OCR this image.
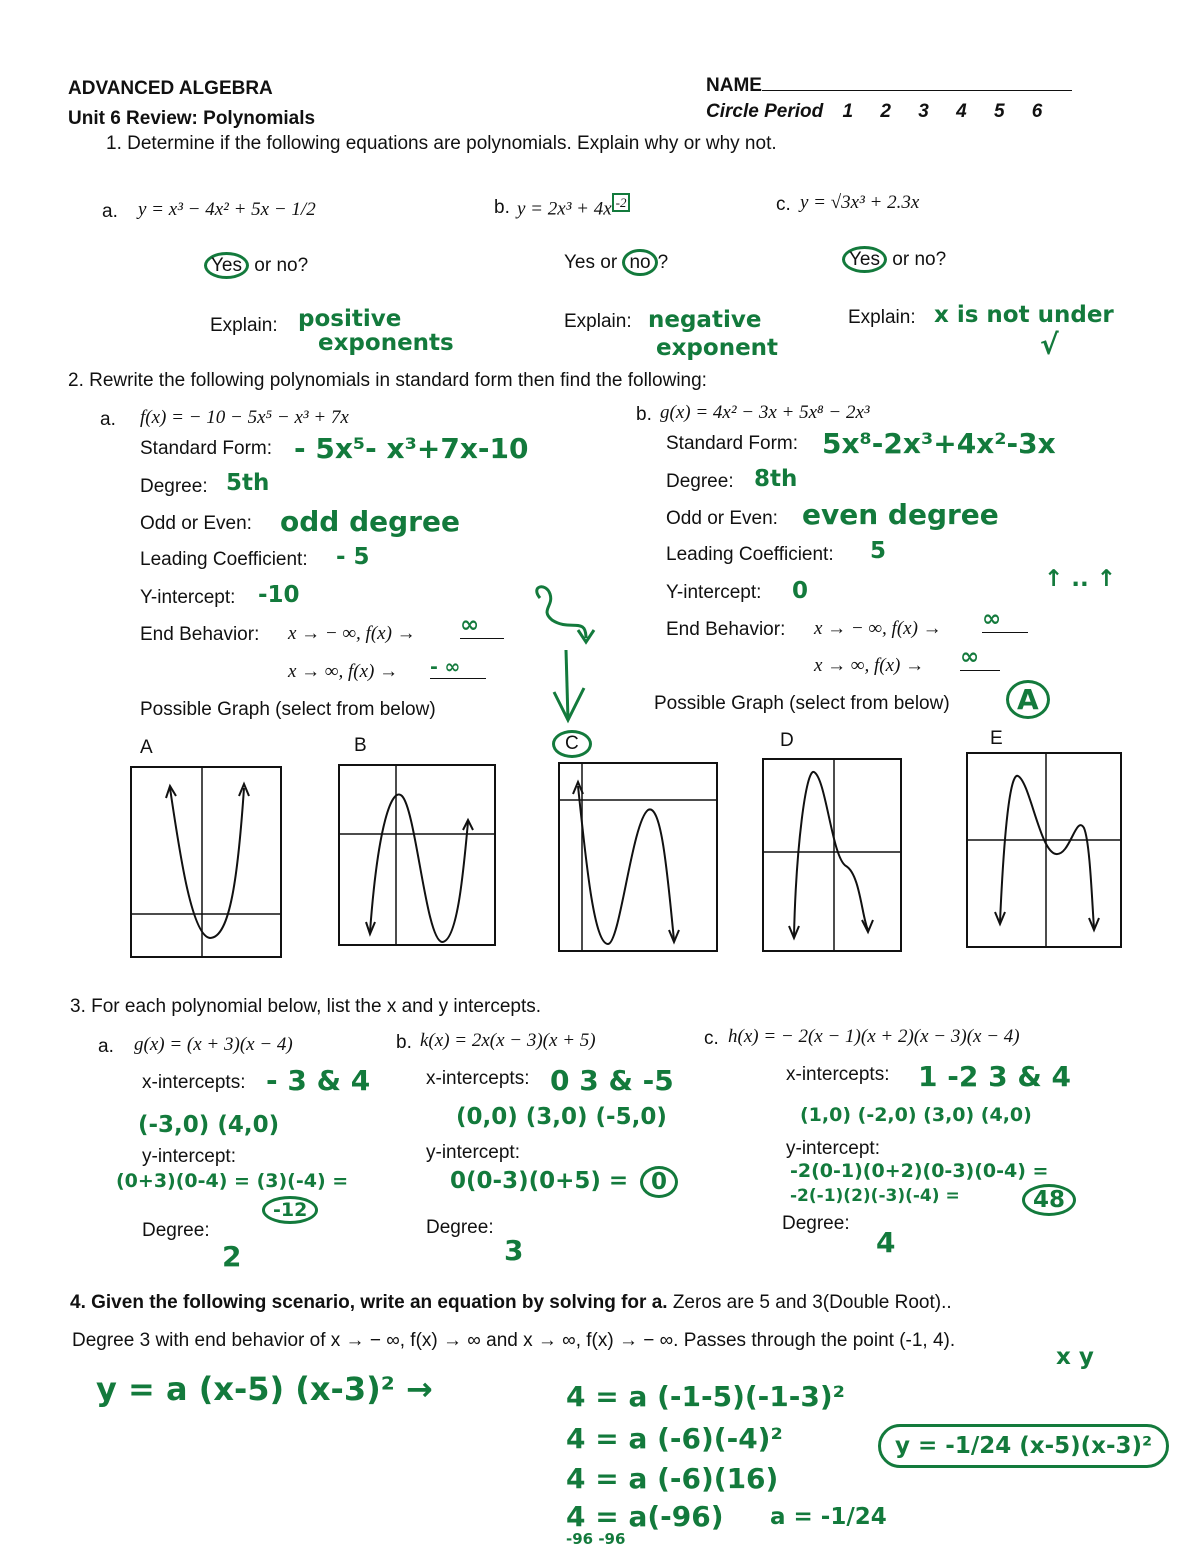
ADVANCED ALGEBRA
Unit 6 Review: Polynomials
NAME
Circle Period 1 2 3 4 5 6
1. Determine if the following equations are polynomials. Explain why or why not.
a. y = x³ − 4x² + 5x − 1/2	b. y = 2x³ + 4x $^{-2}$	c. y = √3x³ + 2.3x
Yes or no?	Yes or no ?	Yes or no?
Explain: positive
exponents
Explain: negative
exponent
Explain: x is not under
√
2. Rewrite the following polynomials in standard form then find the following:
a. f(x) = − 10 − 5x⁵ − x³ + 7x
Standard Form: - 5x⁵- x³+7x-10
Degree: 5th
Odd or Even: odd degree
Leading Coefficient: - 5
Y-intercept: -10
End Behavior: x → − ∞, f(x) → ∞
x → ∞, f(x) → - ∞
Possible Graph (select from below)
b. g(x) = 4x² − 3x + 5x⁸ − 2x³
Standard Form: 5x⁸-2x³+4x²-3x
Degree: 8th
Odd or Even: even degree
Leading Coefficient: 5
Y-intercept: 0	↑ .. ↑
End Behavior: x → − ∞, f(x) → ∞
x → ∞, f(x) → ∞
Possible Graph (select from below)	A
A	B	C	D	E
3. For each polynomial below, list the x and y intercepts.
a. g(x) = (x + 3)(x − 4)	b. k(x) = 2x(x − 3)(x + 5)	c. h(x) = − 2(x − 1)(x + 2)(x − 3)(x − 4)
x-intercepts: - 3 & 4
(-3,0) (4,0)
y-intercept:
(0+3)(0-4) = (3)(-4) =
-12
Degree:
2
x-intercepts: 0 3 & -5
(0,0) (3,0) (-5,0)
y-intercept:
0(0-3)(0+5) = 0
Degree:
3
x-intercepts: 1 -2 3 & 4
(1,0) (-2,0) (3,0) (4,0)
y-intercept:
-2(0-1)(0+2)(0-3)(0-4) =
-2(-1)(2)(-3)(-4) =	48
Degree:
4
4. Given the following scenario, write an equation by solving for a. Zeros are 5 and 3(Double Root)..
Degree 3 with end behavior of x → − ∞, f(x) → ∞ and x → ∞, f(x) → − ∞. Passes through the point (-1, 4).
x y
y = a (x-5) (x-3)² →	4 = a (-1-5)(-1-3)²
4 = a (-6)(-4)²
4 = a (-6)(16)
4 = a(-96)
-96 -96
a = -1/24
y = -1/24 (x-5)(x-3)²
